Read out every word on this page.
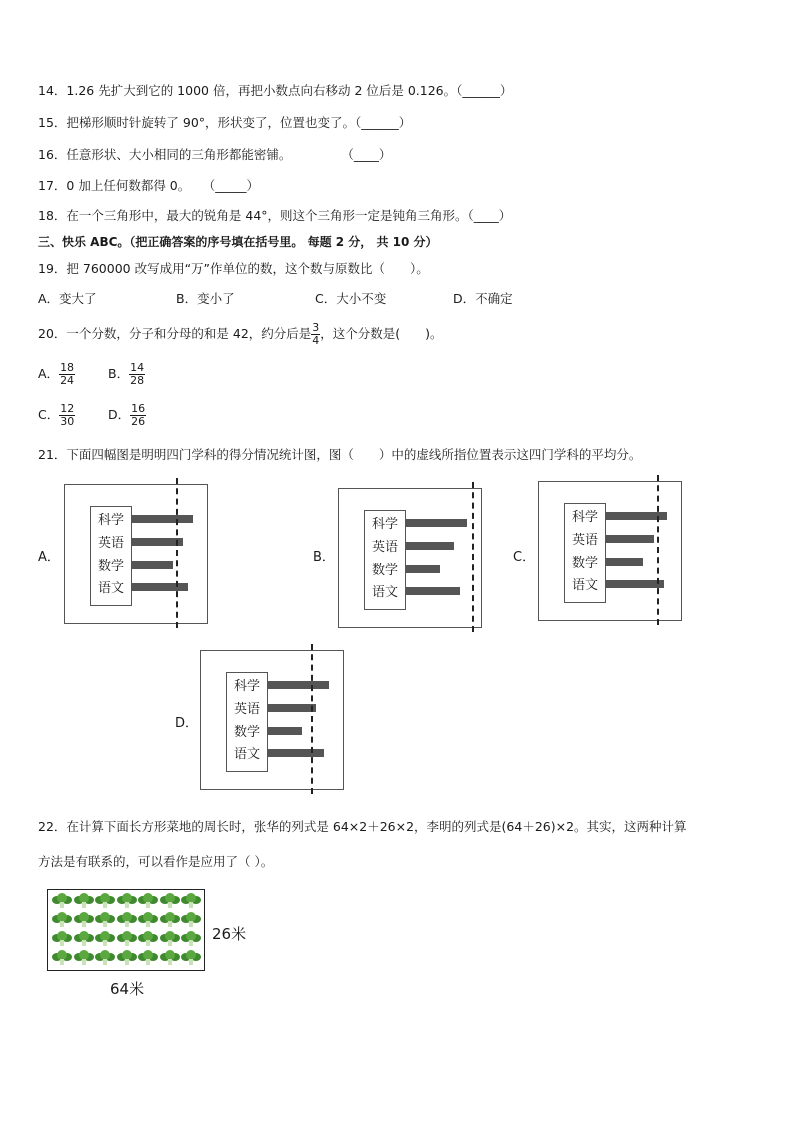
14．1.26 先扩大到它的 1000 倍，再把小数点向右移动 2 位后是 0.126。（______）
15．把梯形顺时针旋转了 90°，形状变了，位置也变了。（______）
16．任意形状、大小相同的三角形都能密铺。　　　　　（____）
17．0 加上任何数都得 0。　　（_____）
18．在一个三角形中，最大的锐角是 44°，则这个三角形一定是钝角三角形。（____）
三、快乐 ABC。（把正确答案的序号填在括号里。 每题 2 分， 共 10 分）
19．把 760000 改写成用“万”作单位的数，这个数与原数比（　　）。
A．变大了	B．变小了	C．大小不变	D．不确定
20．一个分数，分子和分母的和是 42，约分后是 $\frac{3}{4}$ ，这个分数是(　　)。
A． $\frac{18}{24}$	B． $\frac{14}{28}$
C． $\frac{12}{30}$	D． $\frac{16}{26}$
21．下面四幅图是明明四门学科的得分情况统计图，图（　　）中的虚线所指位置表示这四门学科的平均分。
A．	B．	C．
D．
科学
英语
数学
语文
科学
英语
数学
语文
科学
英语
数学
语文
科学
英语
数学
语文
22．在计算下面长方形菜地的周长时，张华的列式是 64×2＋26×2，李明的列式是(64＋26)×2。其实，这两种计算
方法是有联系的，可以看作是应用了（ ）。
26米
64米
